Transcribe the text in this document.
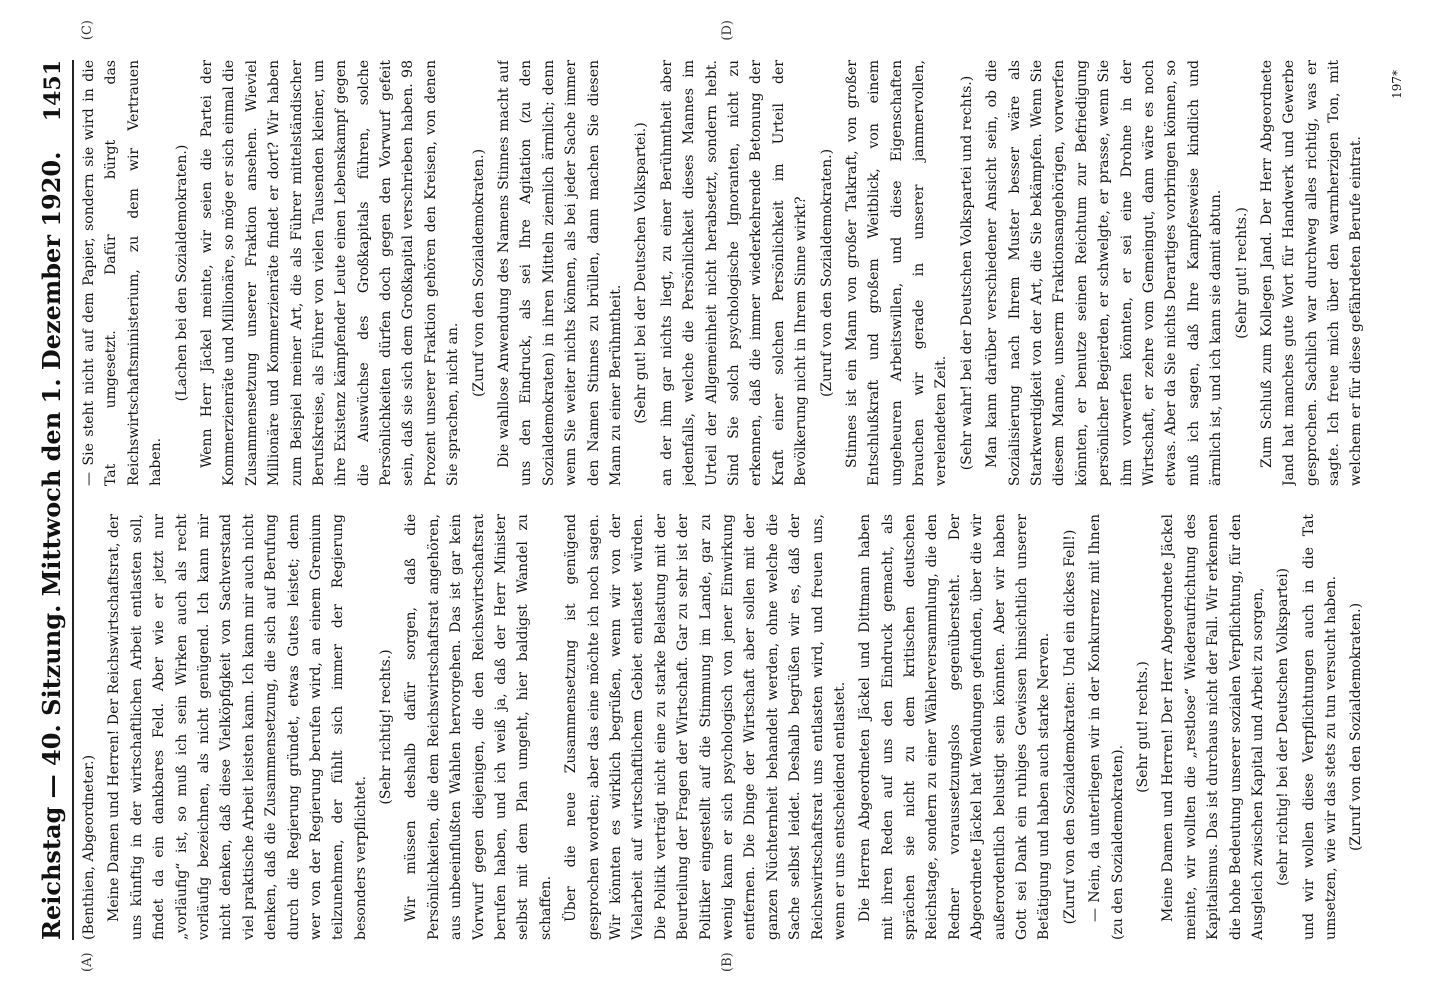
Reichstag — 40. Sitzung. Mittwoch den 1. Dezember 1920.
1451
(A)	(B)
(C)	(D)

(Benthien, Abgeordneter.) Meine Damen und Herren! Der Reichswirtschaftsrat, der uns künftig in der wirtschaftlichen Arbeit entlasten soll, findet da ein dankbares Feld. Aber wie er jetzt nur „vorläufig“ ist, so muß ich sein Wirken auch als recht vorläufig bezeichnen, als nicht genügend. Ich kann mir nicht denken, daß diese Vielköpfigkeit von Sachverstand viel praktische Arbeit leisten kann. Ich kann mir auch nicht denken, daß die Zusammensetzung, die sich auf Berufung durch die Regierung gründet, etwas Gutes leistet; denn wer von der Regierung berufen wird, an einem Gremium teilzunehmen, der fühlt sich immer der Regierung besonders verpflichtet.

(Sehr richtig! rechts.) Wir müssen deshalb dafür sorgen, daß die Persönlichkeiten, die dem Reichswirtschaftsrat angehören, aus unbeeinflußten Wahlen hervorgehen. Das ist gar kein Vorwurf gegen diejenigen, die den Reichswirtschaftsrat berufen haben, und ich weiß ja, daß der Herr Minister selbst mit dem Plan umgeht, hier baldigst Wandel zu schaffen. Über die neue Zusammensetzung ist genügend gesprochen worden; aber das eine möchte ich noch sagen. Wir könnten es wirklich begrüßen, wenn wir von der Vielarbeit auf wirtschaftlichem Gebiet entlastet würden. Die Politik verträgt nicht eine zu starke Belastung mit der Beurteilung der Fragen der Wirtschaft. Gar zu sehr ist der Politiker eingestellt auf die Stimmung im Lande, gar zu wenig kann er sich psychologisch von jener Einwirkung entfernen. Die Dinge der Wirtschaft aber sollen mit der ganzen Nüchternheit behandelt werden, ohne welche die Sache selbst leidet. Deshalb begrüßen wir es, daß der Reichswirtschaftsrat uns entlasten wird, und freuen uns, wenn er uns entscheidend entlastet. Die Herren Abgeordneten Jäckel und Dittmann haben mit ihren Reden auf uns den Eindruck gemacht, als sprächen sie nicht zu dem kritischen deutschen Reichstage, sondern zu einer Wählerversammlung, die den Redner voraussetzungslos gegenübersteht. Der Abgeordnete Jäckel hat Wendungen gefunden, über die wir außerordentlich belustigt sein könnten. Aber wir haben Gott sei Dank ein ruhiges Gewissen hinsichtlich unserer Betätigung und haben auch starke Nerven. (Zuruf von den Sozialdemokraten: Und ein dickes Fell!) — Nein, da unterliegen wir in der Konkurrenz mit Ihnen (zu den Sozialdemokraten).

(Sehr gut! rechts.) Meine Damen und Herren! Der Herr Abgeordnete Jäckel meinte, wir wollten die „restlose“ Wiederaufrichtung des Kapitalismus. Das ist durchaus nicht der Fall. Wir erkennen die hohe Bedeutung unserer sozialen Verpflichtung, für den Ausgleich zwischen Kapital und Arbeit zu sorgen, (sehr richtig! bei der Deutschen Volkspartei) und wir wollen diese Verpflichtungen auch in die Tat umsetzen, wie wir das stets zu tun versucht haben. (Zuruf von den Sozialdemokraten.)

— Sie steht nicht auf dem Papier, sondern sie wird in die Tat umgesetzt. Dafür bürgt das Reichswirtschaftsministerium, zu dem wir Vertrauen haben.

(Lachen bei den Sozialdemokraten.) Wenn Herr Jäckel meinte, wir seien die Partei der Kommerzienräte und Millionäre, so möge er sich einmal die Zusammensetzung unserer Fraktion ansehen. Wieviel Millionäre und Kommerzienräte findet er dort? Wir haben zum Beispiel meiner Art, die als Führer mittelständischer Berufskreise, als Führer von vielen Tausenden kleiner, um ihre Existenz kämpfender Leute einen Lebenskampf gegen die Auswüchse des Großkapitals führen, solche Persönlichkeiten dürfen doch gegen den Vorwurf gefeit sein, daß sie sich dem Großkapital verschrieben haben. 98 Prozent unserer Fraktion gehören den Kreisen, von denen Sie sprachen, nicht an.

(Zuruf von den Sozialdemokraten.) Die wahllose Anwendung des Namens Stinnes macht auf uns den Eindruck, als sei Ihre Agitation (zu den Sozialdemokraten) in ihren Mitteln ziemlich ärmlich; denn wenn Sie weiter nichts können, als bei jeder Sache immer den Namen Stinnes zu brüllen, dann machen Sie diesen Mann zu einer Berühmtheit. (Sehr gut! bei der Deutschen Volkspartei.) an der ihm gar nichts liegt, zu einer Berühmtheit aber jedenfalls, welche die Persönlichkeit dieses Mannes im Urteil der Allgemeinheit nicht herabsetzt, sondern hebt. Sind Sie solch psychologische Ignoranten, nicht zu erkennen, daß die immer wiederkehrende Betonung der Kraft einer solchen Persönlichkeit im Urteil der Bevölkerung nicht in Ihrem Sinne wirkt? (Zuruf von den Sozialdemokraten.) Stinnes ist ein Mann von großer Tatkraft, von großer Entschlußkraft und großem Weitblick, von einem ungeheuren Arbeitswillen, und diese Eigenschaften brauchen wir gerade in unserer jammervollen, verelendeten Zeit. (Sehr wahr! bei der Deutschen Volkspartei und rechts.) Man kann darüber verschiedener Ansicht sein, ob die Sozialisierung nach Ihrem Muster besser wäre als Starkwerdigkeit von der Art, die Sie bekämpfen. Wenn Sie diesem Manne, unserm Fraktionsangehörigen, vorwerfen könnten, er benutze seinen Reichtum zur Befriedigung persönlicher Begierden, er schwelgte, er prasse, wenn Sie ihm vorwerfen könnten, er sei eine Drohne in der Wirtschaft, er zehre vom Gemeingut, dann wäre es noch etwas. Aber da Sie nichts Derartiges vorbringen können, so muß ich sagen, daß Ihre Kampfesweise kindlich und ärmlich ist, und ich kann sie damit abtun. (Sehr gut! rechts.) Zum Schluß zum Kollegen Jand. Der Herr Abgeordnete Jand hat manches gute Wort für Handwerk und Gewerbe gesprochen. Sachlich war durchweg alles richtig, was er sagte. Ich freue mich über den warmherzigen Ton, mit welchem er für diese gefährdeten Berufe eintrat.

197*
